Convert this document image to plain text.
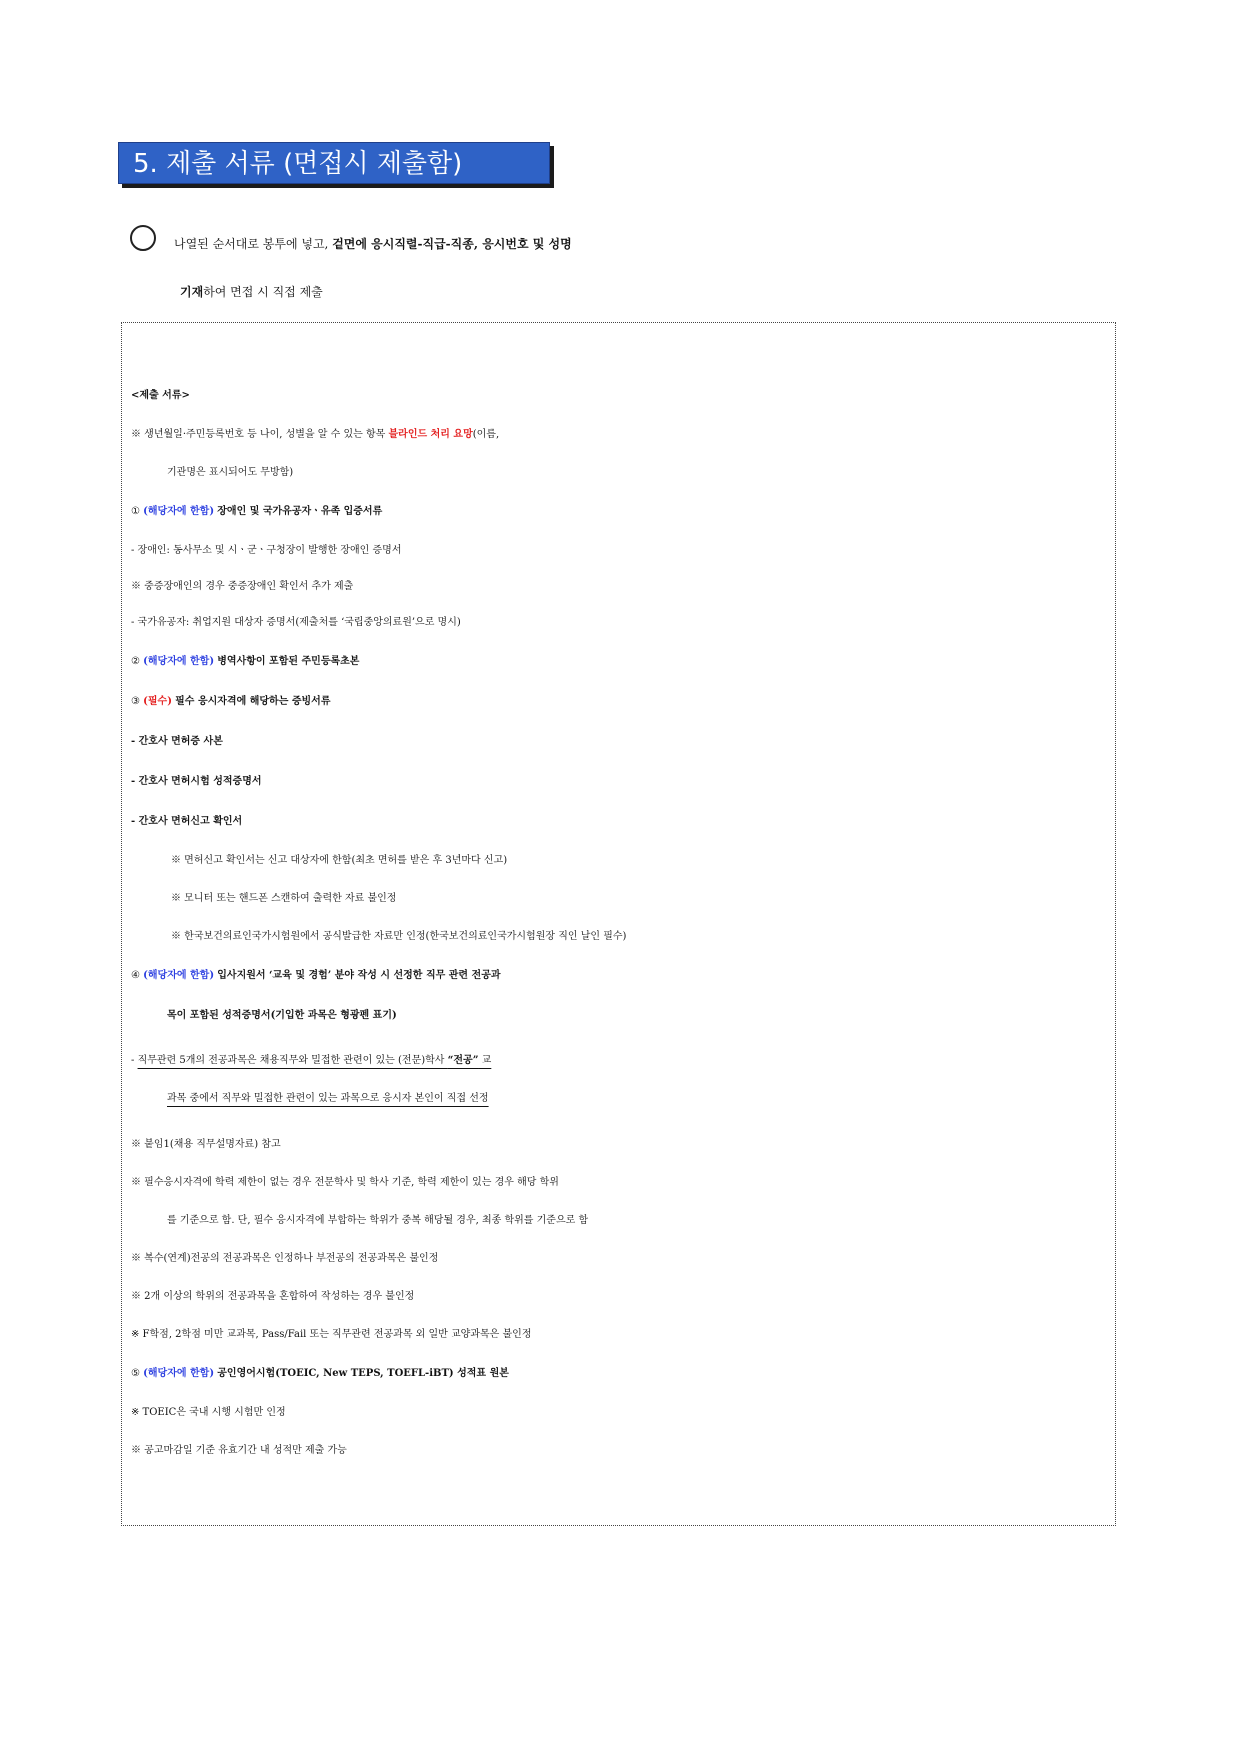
5. 제출 서류 (면접시 제출함)
나열된 순서대로 봉투에 넣고, 겉면에 응시직렬-직급-직종, 응시번호 및 성명
기재하여 면접 시 직접 제출
<제출 서류>
※ 생년월일·주민등록번호 등 나이, 성별을 알 수 있는 항목 블라인드 처리 요망(이름,
기관명은 표시되어도 무방함)
① (해당자에 한함) 장애인 및 국가유공자ㆍ유족 입증서류
- 장애인: 동사무소 및 시ㆍ군ㆍ구청장이 발행한 장애인 증명서
※ 중증장애인의 경우 중증장애인 확인서 추가 제출
- 국가유공자: 취업지원 대상자 증명서(제출처를 ‘국립중앙의료원’으로 명시)
② (해당자에 한함) 병역사항이 포함된 주민등록초본
③ (필수) 필수 응시자격에 해당하는 증빙서류
- 간호사 면허증 사본
- 간호사 면허시험 성적증명서
- 간호사 면허신고 확인서
※ 면허신고 확인서는 신고 대상자에 한함(최초 면허를 받은 후 3년마다 신고)
※ 모니터 또는 핸드폰 스캔하여 출력한 자료 불인정
※ 한국보건의료인국가시험원에서 공식발급한 자료만 인정(한국보건의료인국가시험원장 직인 날인 필수)
④ (해당자에 한함) 입사지원서 ‘교육 및 경험’ 분야 작성 시 선정한 직무 관련 전공과
목이 포함된 성적증명서(기입한 과목은 형광펜 표기)
- 직무관련 5개의 전공과목은 채용직무와 밀접한 관련이 있는 (전문)학사 “전공” 교
과목 중에서 직무와 밀접한 관련이 있는 과목으로 응시자 본인이 직접 선정
※ 붙임1(채용 직무설명자료) 참고
※ 필수응시자격에 학력 제한이 없는 경우 전문학사 및 학사 기준, 학력 제한이 있는 경우 해당 학위
를 기준으로 함. 단, 필수 응시자격에 부합하는 학위가 중복 해당될 경우, 최종 학위를 기준으로 함
※ 복수(연계)전공의 전공과목은 인정하나 부전공의 전공과목은 불인정
※ 2개 이상의 학위의 전공과목을 혼합하여 작성하는 경우 불인정
※ F학점, 2학점 미만 교과목, Pass/Fail 또는 직무관련 전공과목 외 일반 교양과목은 불인정
⑤ (해당자에 한함) 공인영어시험(TOEIC, New TEPS, TOEFL-iBT) 성적표 원본
※ TOEIC은 국내 시행 시험만 인정
※ 공고마감일 기준 유효기간 내 성적만 제출 가능
